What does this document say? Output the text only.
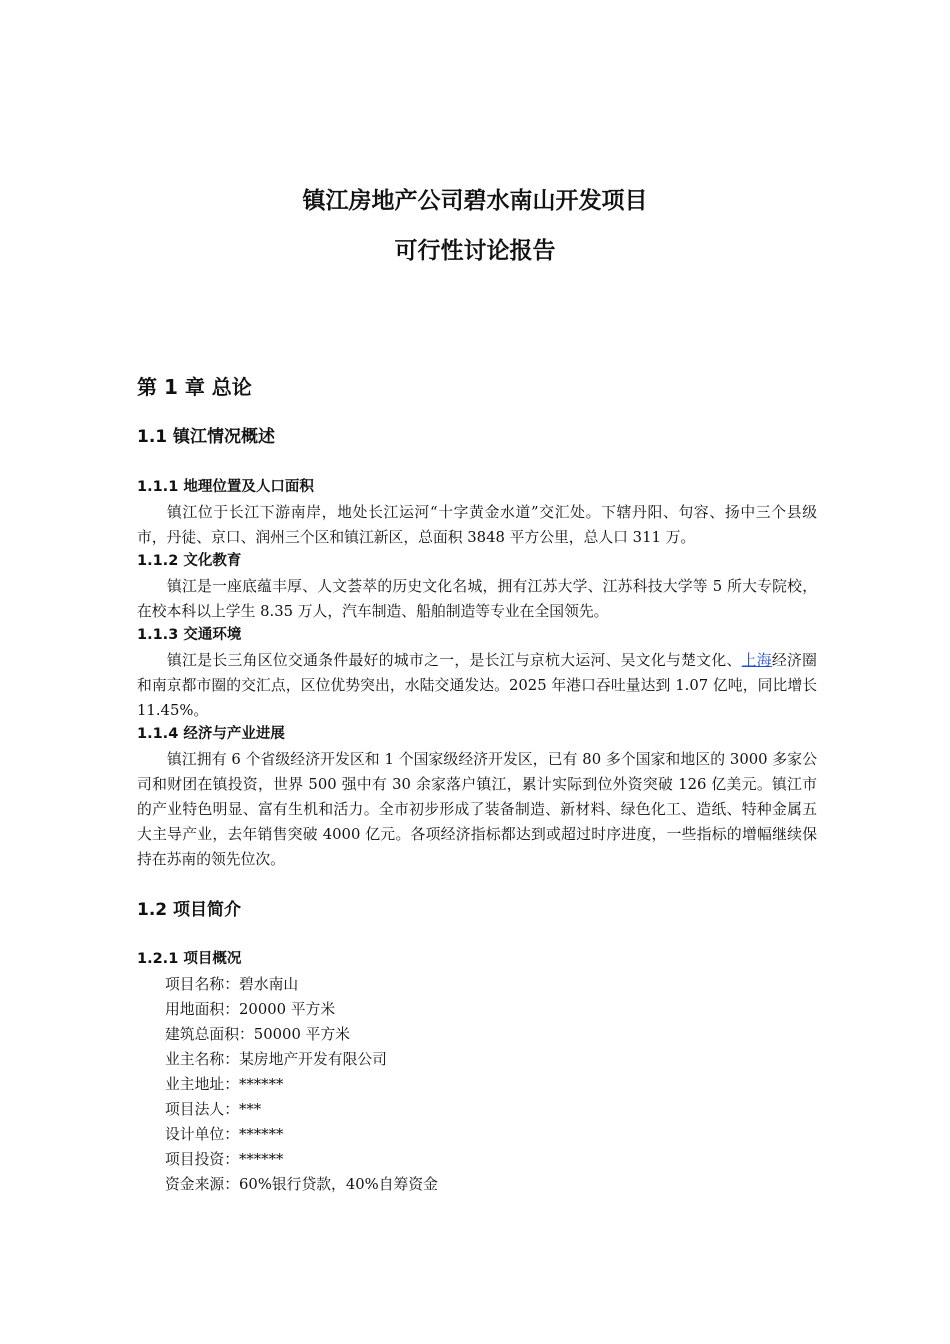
镇江房地产公司碧水南山开发项目
可行性讨论报告
第 1 章 总论
1.1 镇江情况概述
1.1.1 地理位置及人口面积

镇江位于长江下游南岸，地处长江运河“十字黄金水道”交汇处。下辖丹阳、句容、扬中三个县级市，丹徒、京口、润州三个区和镇江新区，总面积 3848 平方公里，总人口 311 万。

1.1.2 文化教育

镇江是一座底蕴丰厚、人文荟萃的历史文化名城，拥有江苏大学、江苏科技大学等 5 所大专院校，在校本科以上学生 8.35 万人，汽车制造、船舶制造等专业在全国领先。

1.1.3 交通环境

镇江是长三角区位交通条件最好的城市之一，是长江与京杭大运河、吴文化与楚文化、上海经济圈和南京都市圈的交汇点，区位优势突出，水陆交通发达。2025 年港口吞吐量达到 1.07 亿吨，同比增长 11.45%。

1.1.4 经济与产业进展

镇江拥有 6 个省级经济开发区和 1 个国家级经济开发区，已有 80 多个国家和地区的 3000 多家公司和财团在镇投资，世界 500 强中有 30 余家落户镇江，累计实际到位外资突破 126 亿美元。镇江市的产业特色明显、富有生机和活力。全市初步形成了装备制造、新材料、绿色化工、造纸、特种金属五大主导产业，去年销售突破 4000 亿元。各项经济指标都达到或超过时序进度，一些指标的增幅继续保持在苏南的领先位次。

1.2 项目简介
1.2.1 项目概况
项目名称：碧水南山
用地面积：20000 平方米
建筑总面积：50000 平方米
业主名称：某房地产开发有限公司
业主地址：******
项目法人：***
设计单位：******
项目投资：******
资金来源：60%银行贷款，40%自筹资金
